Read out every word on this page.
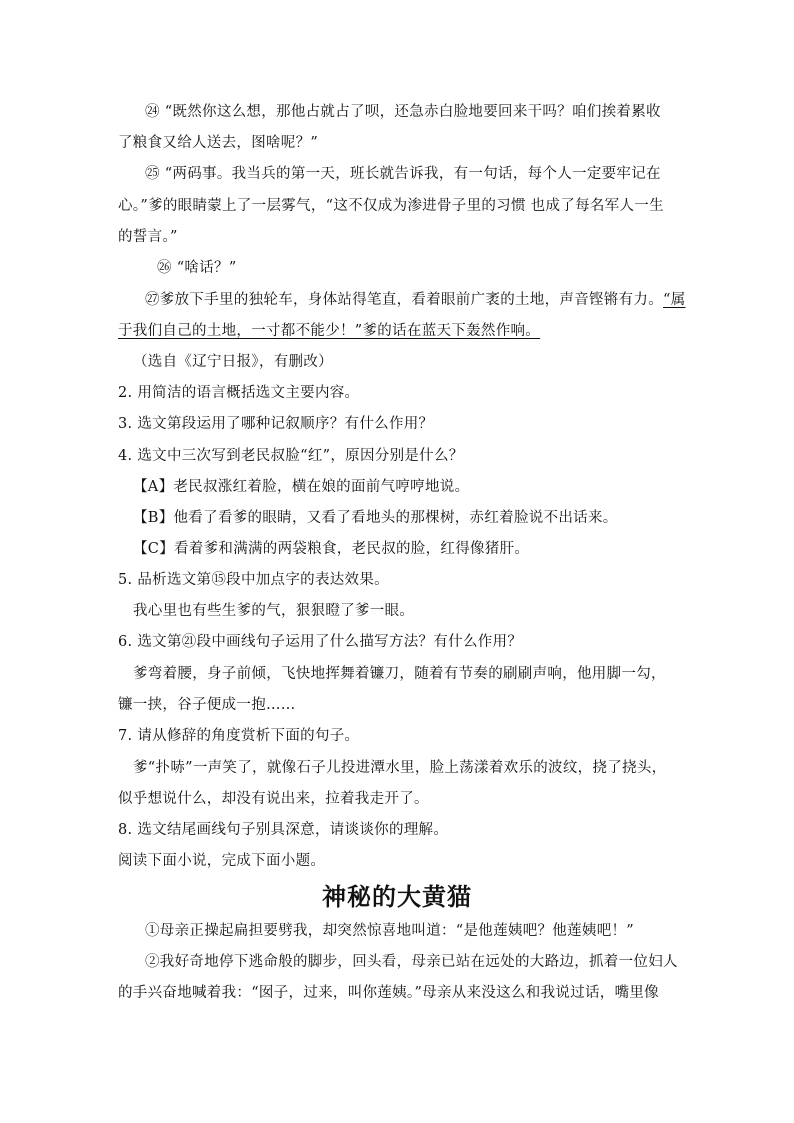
㉔ “既然你这么想，那他占就占了呗，还急赤白脸地要回来干吗？咱们挨着累收
了粮食又给人送去，图啥呢？”
㉕ “两码事。我当兵的第一天，班长就告诉我，有一句话，每个人一定要牢记在
心。”爹的眼睛蒙上了一层雾气，“这不仅成为渗进骨子里的习惯 也成了每名军人一生
的誓言。”
㉖ “啥话？”
㉗爹放下手里的独轮车，身体站得笔直，看着眼前广袤的土地，声音铿锵有力。“属
于我们自己的土地，一寸都不能少！”爹的话在蓝天下轰然作响。
（选自《辽宁日报》，有删改）
2. 用简洁的语言概括选文主要内容。
3. 选文第段运用了哪种记叙顺序？有什么作用？
4. 选文中三次写到老民叔脸“红”，原因分别是什么？
【A】老民叔涨红着脸，横在娘的面前气哼哼地说。
【B】他看了看爹的眼睛，又看了看地头的那棵树，赤红着脸说不出话来。
【C】看着爹和满满的两袋粮食，老民叔的脸，红得像猪肝。
5. 品析选文第⑮段中加点字的表达效果。
我心里也有些生爹的气，狠狠瞪了爹一眼。
6. 选文第㉑段中画线句子运用了什么描写方法？有什么作用？
爹弯着腰，身子前倾，飞快地挥舞着镰刀，随着有节奏的刷刷声响，他用脚一勾，
镰一挟，谷子便成一抱……
7. 请从修辞的角度赏析下面的句子。
爹“扑哧”一声笑了，就像石子儿投进潭水里，脸上荡漾着欢乐的波纹，挠了挠头，
似乎想说什么，却没有说出来，拉着我走开了。
8. 选文结尾画线句子别具深意，请谈谈你的理解。
阅读下面小说，完成下面小题。
神秘的大黄猫
①母亲正操起扁担要劈我，却突然惊喜地叫道：“是他莲姨吧？他莲姨吧！”
②我好奇地停下逃命般的脚步，回头看，母亲已站在远处的大路边，抓着一位妇人
的手兴奋地喊着我：“囡子，过来，叫你莲姨。”母亲从来没这么和我说过话，嘴里像
